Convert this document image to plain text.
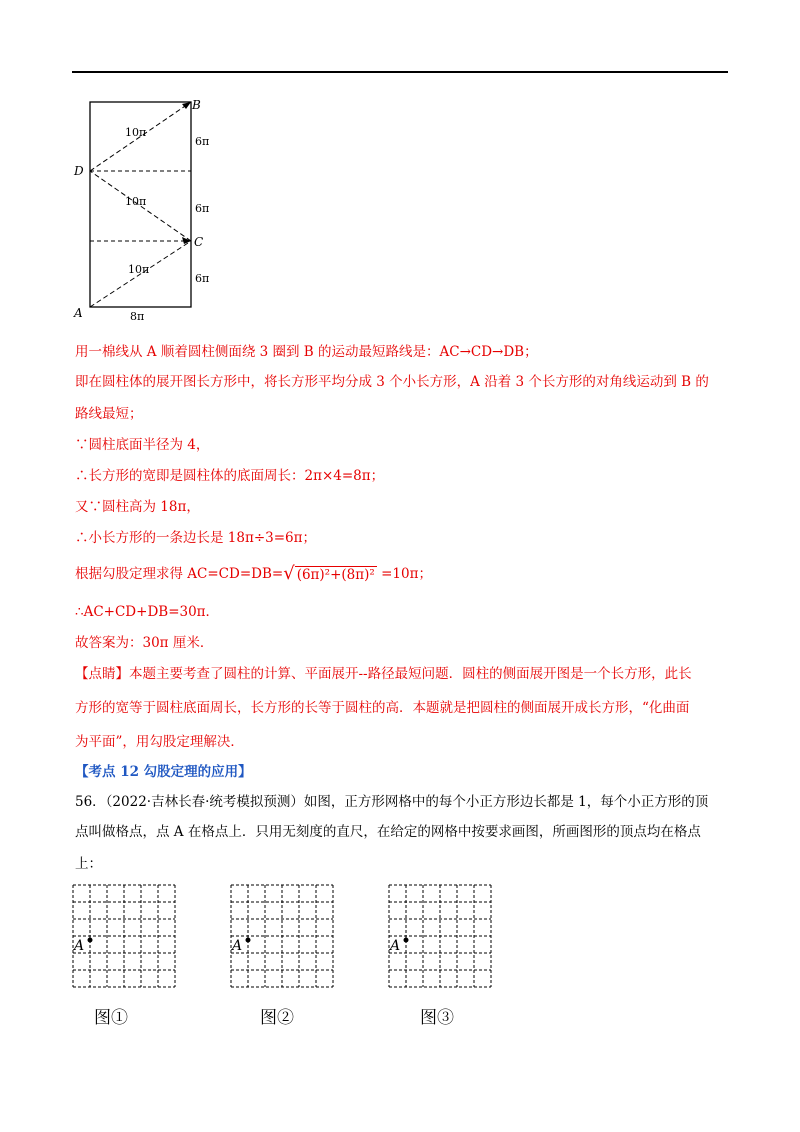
A
B
C
D
10π
10π
10π
6π
6π
6π
8π
用一棉线从 A 顺着圆柱侧面绕 3 圈到 B 的运动最短路线是：AC→CD→DB；
即在圆柱体的展开图长方形中，将长方形平均分成 3 个小长方形，A 沿着 3 个长方形的对角线运动到 B 的
路线最短；
∵圆柱底面半径为 4，
∴长方形的宽即是圆柱体的底面周长：2π×4=8π；
又∵圆柱高为 18π，
∴小长方形的一条边长是 18π÷3=6π；
根据勾股定理求得 AC=CD=DB=√ (6π)²+(8π)² =10π；
∴AC+CD+DB=30π．
故答案为：30π 厘米．
【点睛】本题主要考查了圆柱的计算、平面展开--路径最短问题．圆柱的侧面展开图是一个长方形，此长
方形的宽等于圆柱底面周长，长方形的长等于圆柱的高．本题就是把圆柱的侧面展开成长方形，“化曲面
为平面”，用勾股定理解决．
【考点 12 勾股定理的应用】
56．（2022·吉林长春·统考模拟预测）如图，正方形网格中的每个小正方形边长都是 1，每个小正方形的顶
点叫做格点，点 A 在格点上．只用无刻度的直尺，在给定的网格中按要求画图，所画图形的顶点均在格点
上：
A
图①
A
图②
A
图③
